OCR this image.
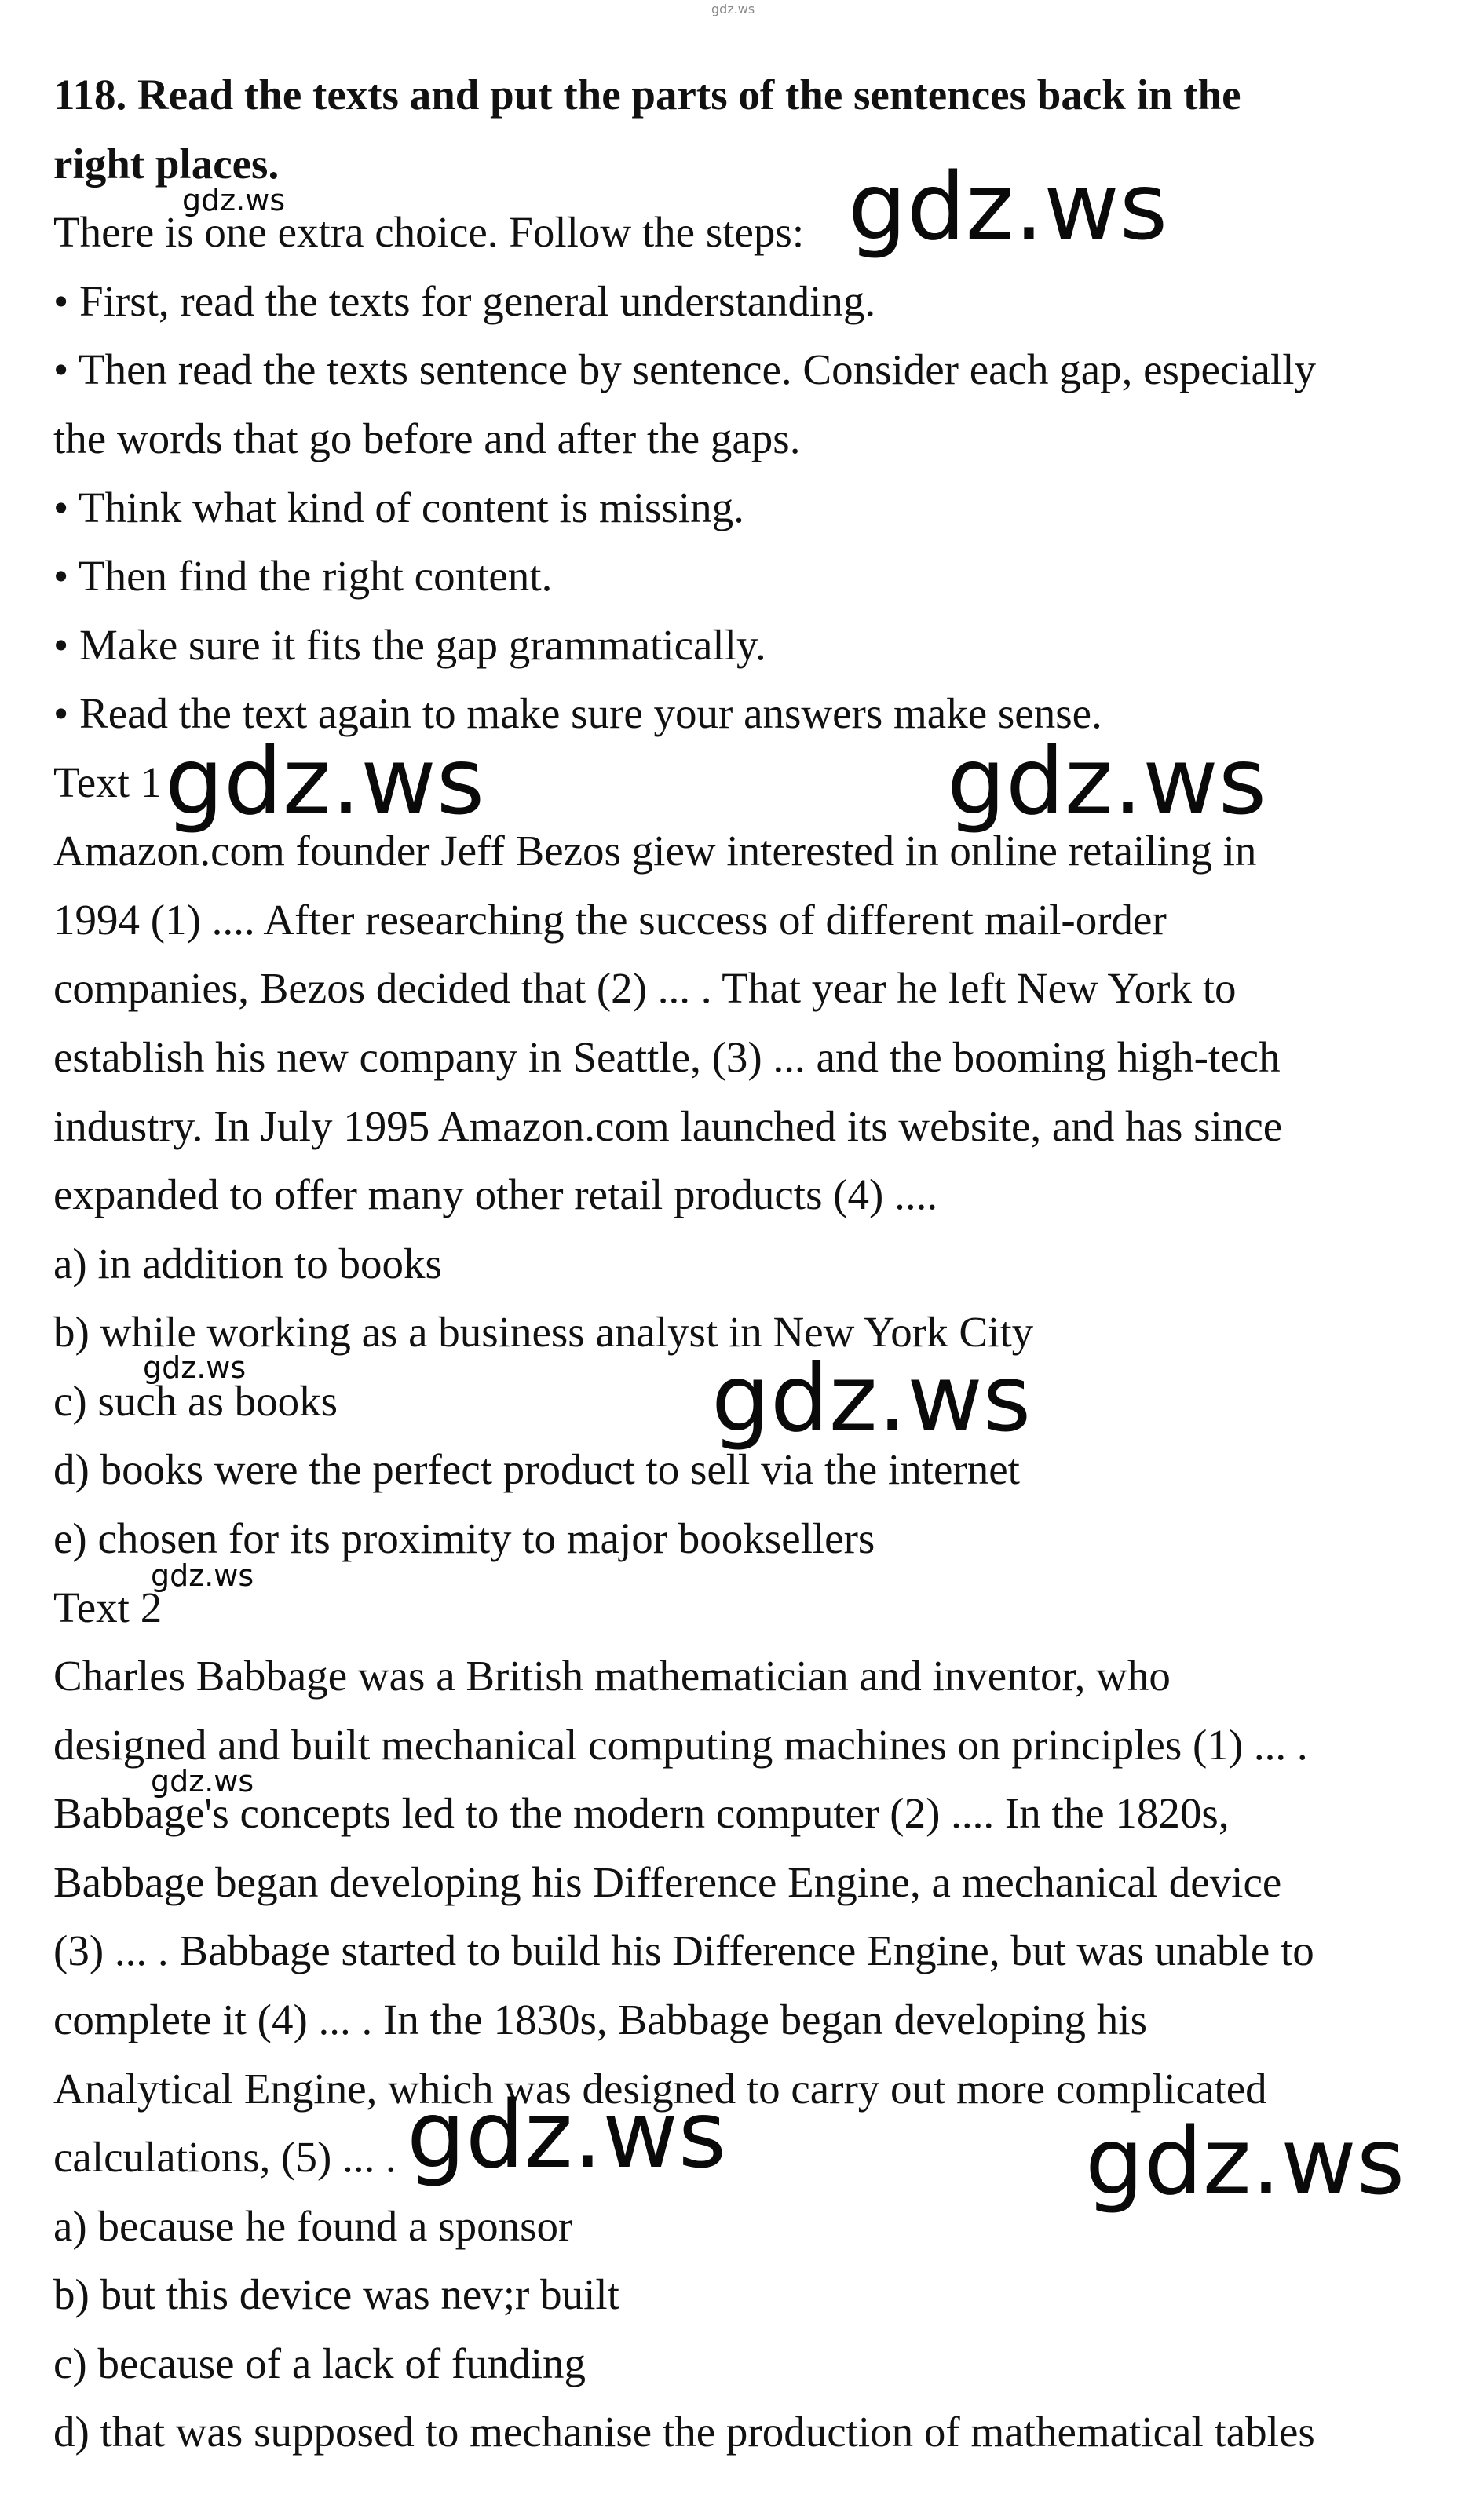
gdz.ws
118. Read the texts and put the parts of the sentences back in the
right places.
There is one extra choice. Follow the steps:
• First, read the texts for general understanding.
• Then read the texts sentence by sentence. Consider each gap, especially
the words that go before and after the gaps.
• Think what kind of content is missing.
• Then find the right content.
• Make sure it fits the gap grammatically.
• Read the text again to make sure your answers make sense.
Text 1
Amazon.com founder Jeff Bezos giew interested in online retailing in
1994 (1) .... After researching the success of different mail-order
companies, Bezos decided that (2) ... . That year he left New York to
establish his new company in Seattle, (3) ... and the booming high-tech
industry. In July 1995 Amazon.com launched its website, and has since
expanded to offer many other retail products (4) ....
a) in addition to books
b) while working as a business analyst in New York City
c) such as books
d) books were the perfect product to sell via the internet
e) chosen for its proximity to major booksellers
Text 2
Charles Babbage was a British mathematician and inventor, who
designed and built mechanical computing machines on principles (1) ... .
Babbage's concepts led to the modern computer (2) .... In the 1820s,
Babbage began developing his Difference Engine, a mechanical device
(3) ... . Babbage started to build his Difference Engine, but was unable to
complete it (4) ... . In the 1830s, Babbage began developing his
Analytical Engine, which was designed to carry out more complicated
calculations, (5) ... .
a) because he found a sponsor
b) but this device was nev;r built
c) because of a lack of funding
d) that was supposed to mechanise the production of mathematical tables
gdz.ws	gdz.ws
gdz.ws	gdz.ws
gdz.ws	gdz.ws
gdz.ws
gdz.ws
gdz.ws	gdz.ws
